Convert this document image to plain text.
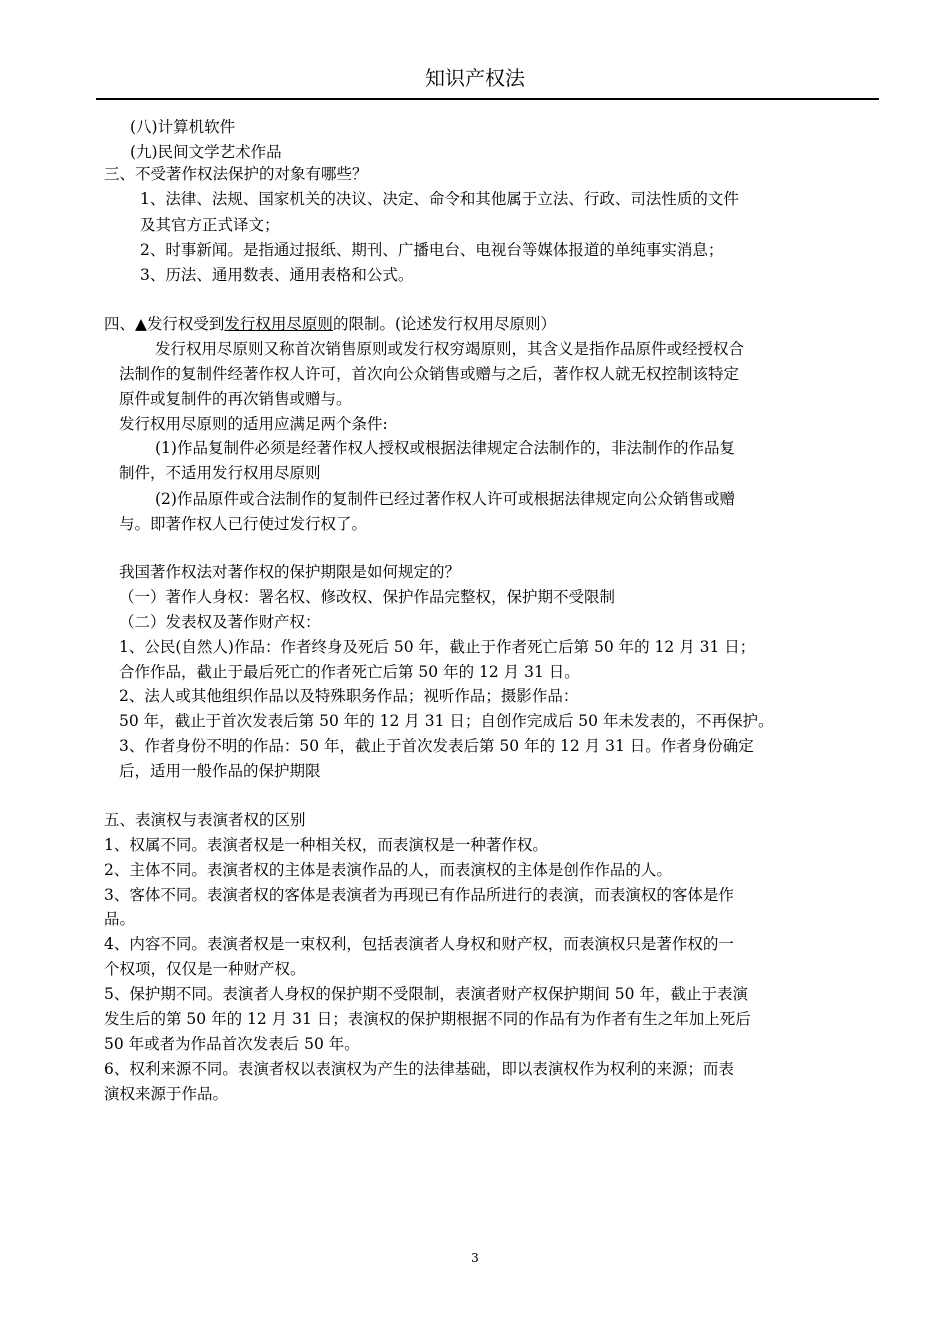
知识产权法
(八)计算机软件
(九)民间文学艺术作品
三、不受著作权法保护的对象有哪些？
1、法律、法规、国家机关的决议、决定、命令和其他属于立法、行政、司法性质的文件
及其官方正式译文；
2、时事新闻。是指通过报纸、期刊、广播电台、电视台等媒体报道的单纯事实消息；
3、历法、通用数表、通用表格和公式。
四、▲发行权受到发行权用尽原则的限制。(论述发行权用尽原则）
发行权用尽原则又称首次销售原则或发行权穷竭原则，其含义是指作品原件或经授权合
法制作的复制件经著作权人许可，首次向公众销售或赠与之后，著作权人就无权控制该特定
原件或复制件的再次销售或赠与。
发行权用尽原则的适用应满足两个条件:
(1)作品复制件必须是经著作权人授权或根据法律规定合法制作的，非法制作的作品复
制件，不适用发行权用尽原则
(2)作品原件或合法制作的复制件已经过著作权人许可或根据法律规定向公众销售或赠
与。即著作权人已行使过发行权了。
我国著作权法对著作权的保护期限是如何规定的？
（一）著作人身权：署名权、修改权、保护作品完整权，保护期不受限制
（二）发表权及著作财产权：
1、公民(自然人)作品：作者终身及死后 50 年，截止于作者死亡后第 50 年的 12 月 31 日；
合作作品，截止于最后死亡的作者死亡后第 50 年的 12 月 31 日。
2、法人或其他组织作品以及特殊职务作品；视听作品；摄影作品：
50 年，截止于首次发表后第 50 年的 12 月 31 日；自创作完成后 50 年未发表的，不再保护。
3、作者身份不明的作品：50 年，截止于首次发表后第 50 年的 12 月 31 日。作者身份确定
后，适用一般作品的保护期限
五、表演权与表演者权的区别
1、权属不同。表演者权是一种相关权，而表演权是一种著作权。
2、主体不同。表演者权的主体是表演作品的人，而表演权的主体是创作作品的人。
3、客体不同。表演者权的客体是表演者为再现已有作品所进行的表演，而表演权的客体是作
品。
4、内容不同。表演者权是一束权利，包括表演者人身权和财产权，而表演权只是著作权的一
个权项，仅仅是一种财产权。
5、保护期不同。表演者人身权的保护期不受限制，表演者财产权保护期间 50 年，截止于表演
发生后的第 50 年的 12 月 31 日；表演权的保护期根据不同的作品有为作者有生之年加上死后
50 年或者为作品首次发表后 50 年。
6、权利来源不同。表演者权以表演权为产生的法律基础，即以表演权作为权利的来源；而表
演权来源于作品。
3
